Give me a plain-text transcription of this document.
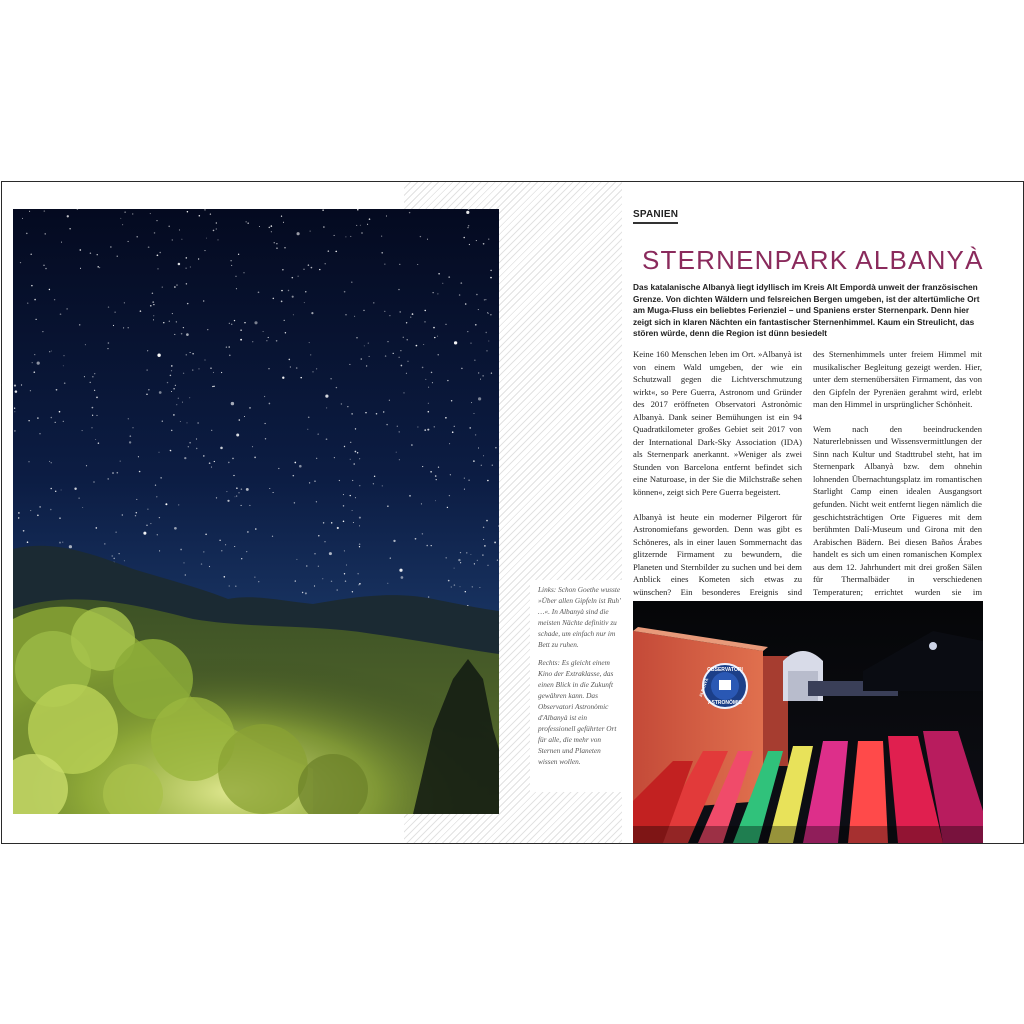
Links: Schon Goethe wusste »Über allen Gipfeln ist Ruh' …«. In Albanyà sind die meisten Nächte definitiv zu schade, um einfach nur im Bett zu ruhen.

Rechts: Es gleicht einem Kino der Extraklasse, das einen Blick in die Zukunft gewähren kann. Das Observatori Astronòmic d'Albanyà ist ein professionell geführter Ort für alle, die mehr von Sternen und Planeten wissen wollen.

SPANIEN
STERNENPARK ALBANYÀ
Das katalanische Albanyà liegt idyllisch im Kreis Alt Empordà unweit der französischen Grenze. Von dichten Wäldern und felsreichen Bergen umgeben, ist der altertümliche Ort am Muga-Fluss ein beliebtes Ferienziel – und Spaniens erster Sternenpark. Denn hier zeigt sich in klaren Nächten ein fantastischer Sternenhimmel. Kaum ein Streulicht, das stören würde, denn die Region ist dünn besiedelt

Keine 160 Menschen leben im Ort. »Albanyà ist von einem Wald umgeben, der wie ein Schutzwall gegen die Lichtverschmutzung wirkt«, so Pere Guerra, Astronom und Gründer des 2017 eröffneten Observatori Astronòmic Albanyà. Dank seiner Bemühungen ist ein 94 Quadratkilometer großes Gebiet seit 2017 von der International Dark-Sky Association (IDA) als Sternenpark anerkannt. »Weniger als zwei Stunden von Barcelona entfernt befindet sich eine Naturoase, in der Sie die Milchstraße sehen können«, zeigt sich Pere Guerra begeistert.

Albanyà ist heute ein moderner Pilgerort für Astronomiefans geworden. Denn was gibt es Schöneres, als in einer lauen Sommernacht das glitzernde Firmament zu bewundern, die Planeten und Sternbilder zu suchen und bei dem Anblick eines Kometen sich etwas zu wünschen? Ein besonderes Ereignis sind

des Sternenhimmels unter freiem Himmel mit musikalischer Begleitung gezeigt werden. Hier, unter dem sternenübersäten Firmament, das von den Gipfeln der Pyrenäen gerahmt wird, erlebt man den Himmel in ursprünglicher Schönheit.

Wem nach den beeindruckenden Naturerlebnissen und Wissensvermittlungen der Sinn nach Kultur und Stadttrubel steht, hat im Sternenpark Albanyà bzw. dem ohnehin lohnenden Übernachtungsplatz im romantischen Starlight Camp einen idealen Ausgangsort gefunden. Nicht weit entfernt liegen nämlich die geschichtsträchtigen Orte Figueres mit dem berühmten Dalí-Museum und Girona mit den Arabischen Bädern. Bei diesen Baños Árabes handelt es sich um einen romanischen Komplex aus dem 12. Jahrhundert mit drei großen Sälen für Thermalbäder in verschiedenen Temperaturen; errichtet wurden sie im

OBSERVATORI
ASTRONÒMIC
ALBANYÀ
